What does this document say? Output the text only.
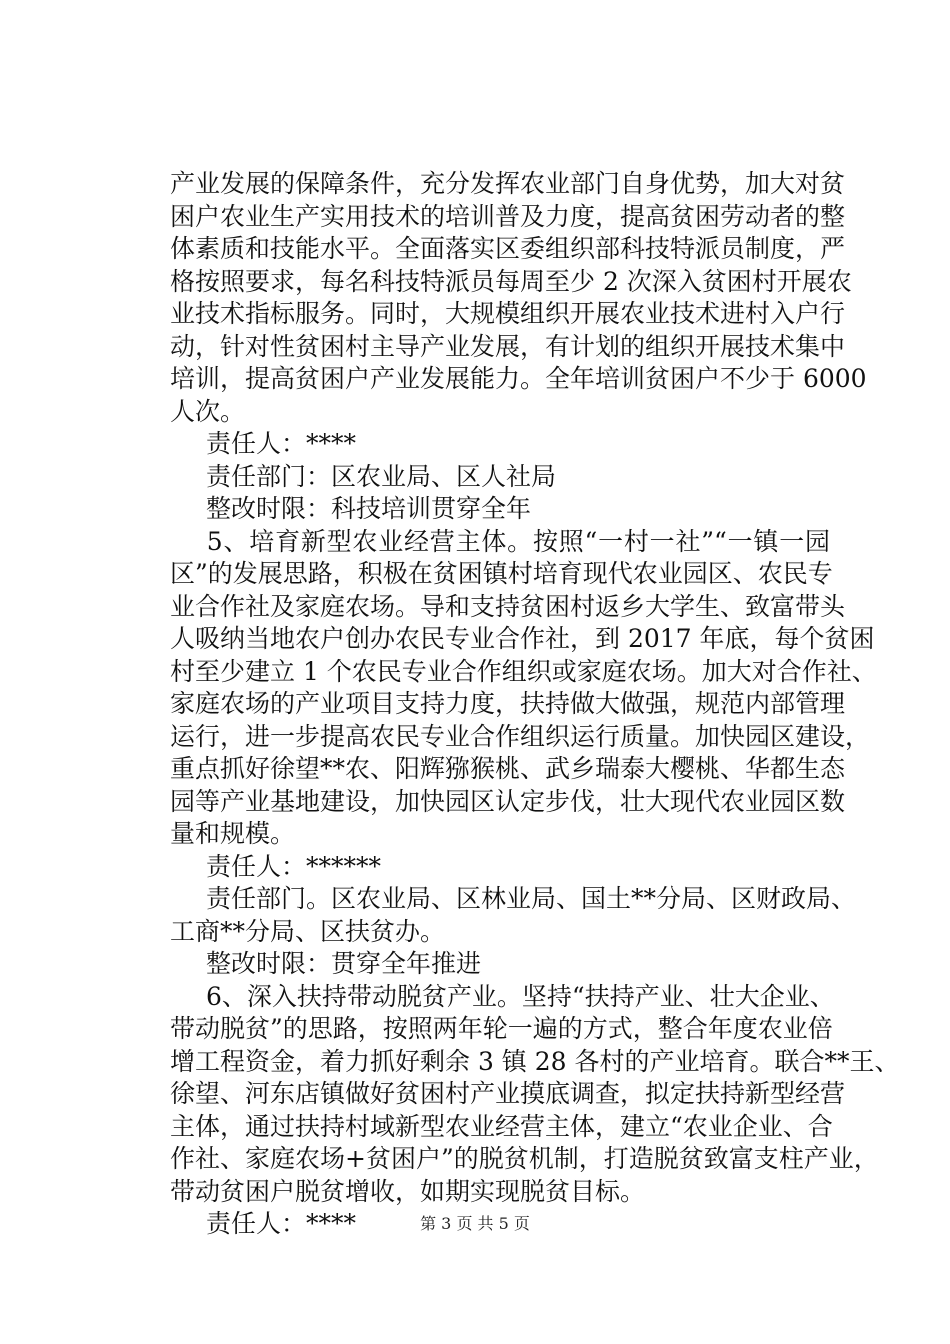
产业发展的保障条件，充分发挥农业部门自身优势，加大对贫
困户农业生产实用技术的培训普及力度，提高贫困劳动者的整
体素质和技能水平。全面落实区委组织部科技特派员制度，严
格按照要求，每名科技特派员每周至少 2 次深入贫困村开展农
业技术指标服务。同时，大规模组织开展农业技术进村入户行
动，针对性贫困村主导产业发展，有计划的组织开展技术集中
培训，提高贫困户产业发展能力。全年培训贫困户不少于 6000
人次。
　责任人：****
　责任部门：区农业局、区人社局
　整改时限：科技培训贯穿全年
　5、培育新型农业经营主体。按照“一村一社”“一镇一园
区”的发展思路，积极在贫困镇村培育现代农业园区、农民专
业合作社及家庭农场。导和支持贫困村返乡大学生、致富带头
人吸纳当地农户创办农民专业合作社，到 2017 年底，每个贫困
村至少建立 1 个农民专业合作组织或家庭农场。加大对合作社、
家庭农场的产业项目支持力度，扶持做大做强，规范内部管理
运行，进一步提高农民专业合作组织运行质量。加快园区建设，
重点抓好徐望**农、阳辉猕猴桃、武乡瑞泰大樱桃、华都生态
园等产业基地建设，加快园区认定步伐，壮大现代农业园区数
量和规模。
　责任人：******
　责任部门。区农业局、区林业局、国土**分局、区财政局、
工商**分局、区扶贫办。
　整改时限：贯穿全年推进
　6、深入扶持带动脱贫产业。坚持“扶持产业、壮大企业、
带动脱贫”的思路，按照两年轮一遍的方式，整合年度农业倍
增工程资金，着力抓好剩余 3 镇 28 各村的产业培育。联合**王、
徐望、河东店镇做好贫困村产业摸底调查，拟定扶持新型经营
主体，通过扶持村域新型农业经营主体，建立“农业企业、合
作社、家庭农场+贫困户”的脱贫机制，打造脱贫致富支柱产业，
带动贫困户脱贫增收，如期实现脱贫目标。
　责任人：****	第 3 页 共 5 页
